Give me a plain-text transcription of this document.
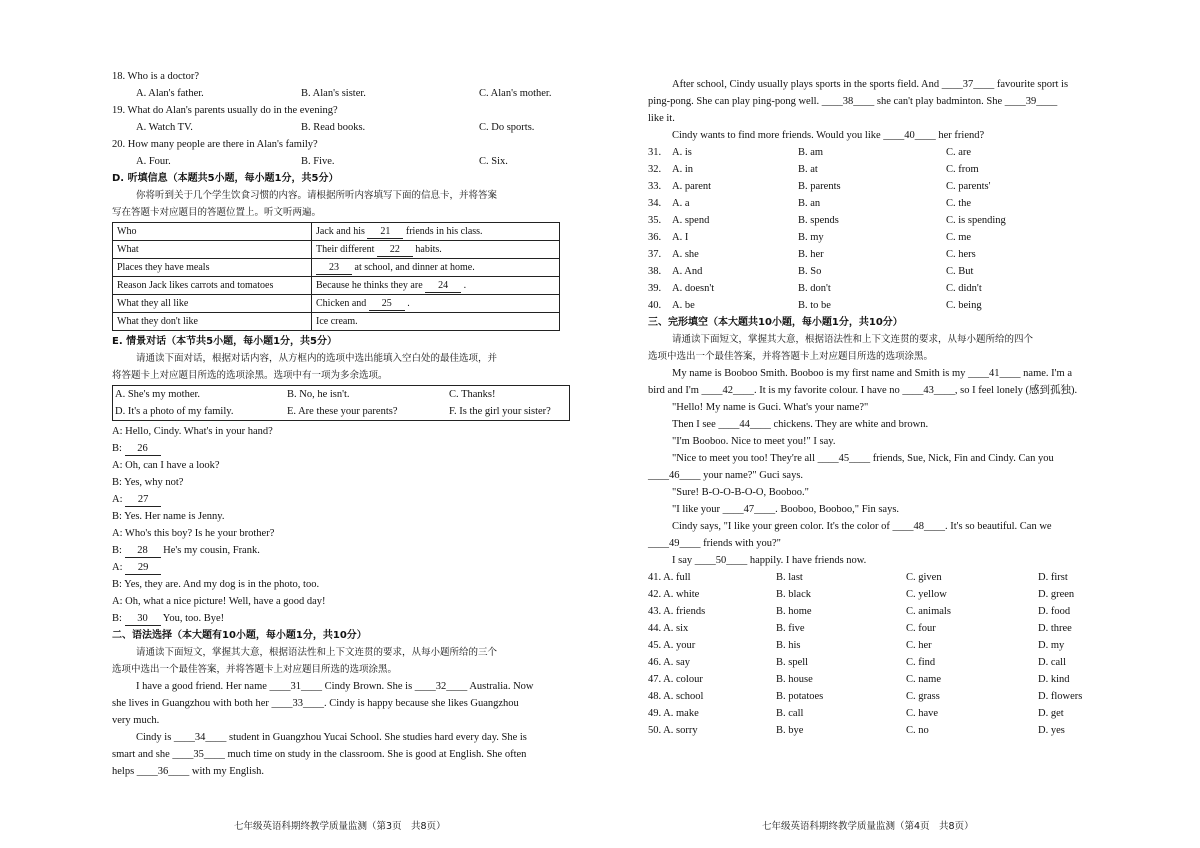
18. Who is a doctor?
A. Alan's father.	B. Alan's sister.	C. Alan's mother.
19. What do Alan's parents usually do in the evening?
A. Watch TV.	B. Read books.	C. Do sports.
20. How many people are there in Alan's family?
A. Four.	B. Five.	C. Six.
D. 听填信息（本题共5小题，每小题1分，共5分）
你将听到关于几个学生饮食习惯的内容。请根据所听内容填写下面的信息卡，并将答案
写在答题卡对应题目的答题位置上。听文听两遍。
Who	Jack and his 21 friends in his class.
What	Their different 22 habits.
Places they have meals	23 at school, and dinner at home.
Reason Jack likes carrots and tomatoes	Because he thinks they are 24 .
What they all like	Chicken and 25 .
What they don't like	Ice cream.
E. 情景对话（本节共5小题，每小题1分，共5分）
请通读下面对话，根据对话内容，从方框内的选项中选出能填入空白处的最佳选项，并
将答题卡上对应题目所选的选项涂黑。选项中有一项为多余选项。
A. She's my mother.	B. No, he isn't.	C. Thanks!
D. It's a photo of my family.	E. Are these your parents?	F. Is the girl your sister?
A: Hello, Cindy. What's in your hand?
B: 26
A: Oh, can I have a look?
B: Yes, why not?
A: 27
B: Yes. Her name is Jenny.
A: Who's this boy? Is he your brother?
B: 28 He's my cousin, Frank.
A: 29
B: Yes, they are. And my dog is in the photo, too.
A: Oh, what a nice picture! Well, have a good day!
B: 30 You, too. Bye!
二、语法选择（本大题有10小题，每小题1分，共10分）
请通读下面短文，掌握其大意，根据语法性和上下文连贯的要求，从每小题所给的三个
选项中选出一个最佳答案，并将答题卡上对应题目所选的选项涂黑。
I have a good friend. Her name ____31____ Cindy Brown. She is ____32____ Australia. Now
she lives in Guangzhou with both her ____33____. Cindy is happy because she likes Guangzhou
very much.
Cindy is ____34____ student in Guangzhou Yucai School. She studies hard every day. She is
smart and she ____35____ much time on study in the classroom. She is good at English. She often
helps ____36____ with my English.
七年级英语科期终教学质量监测（第3页　共8页）
After school, Cindy usually plays sports in the sports field. And ____37____ favourite sport is
ping-pong. She can play ping-pong well. ____38____ she can't play badminton. She ____39____
like it.
Cindy wants to find more friends. Would you like ____40____ her friend?
31.	A. is	B. am	C. are
32.	A. in	B. at	C. from
33.	A. parent	B. parents	C. parents'
34.	A. a	B. an	C. the
35.	A. spend	B. spends	C. is spending
36.	A. I	B. my	C. me
37.	A. she	B. her	C. hers
38.	A. And	B. So	C. But
39.	A. doesn't	B. don't	C. didn't
40.	A. be	B. to be	C. being
三、完形填空（本大题共10小题，每小题1分，共10分）
请通读下面短文，掌握其大意，根据语法性和上下文连贯的要求，从每小题所给的四个
选项中选出一个最佳答案，并将答题卡上对应题目所选的选项涂黑。
My name is Booboo Smith. Booboo is my first name and Smith is my ____41____ name. I'm a
bird and I'm ____42____. It is my favorite colour. I have no ____43____, so I feel lonely (感到孤独).
"Hello! My name is Guci. What's your name?"
Then I see ____44____ chickens. They are white and brown.
"I'm Booboo. Nice to meet you!" I say.
"Nice to meet you too! They're all ____45____ friends, Sue, Nick, Fin and Cindy. Can you
____46____ your name?" Guci says.
"Sure! B-O-O-B-O-O, Booboo."
"I like your ____47____. Booboo, Booboo," Fin says.
Cindy says, "I like your green color. It's the color of ____48____. It's so beautiful. Can we
____49____ friends with you?"
I say ____50____ happily. I have friends now.
41. A. full	B. last	C. given	D. first
42. A. white	B. black	C. yellow	D. green
43. A. friends	B. home	C. animals	D. food
44. A. six	B. five	C. four	D. three
45. A. your	B. his	C. her	D. my
46. A. say	B. spell	C. find	D. call
47. A. colour	B. house	C. name	D. kind
48. A. school	B. potatoes	C. grass	D. flowers
49. A. make	B. call	C. have	D. get
50. A. sorry	B. bye	C. no	D. yes
七年级英语科期终教学质量监测（第4页　共8页）
